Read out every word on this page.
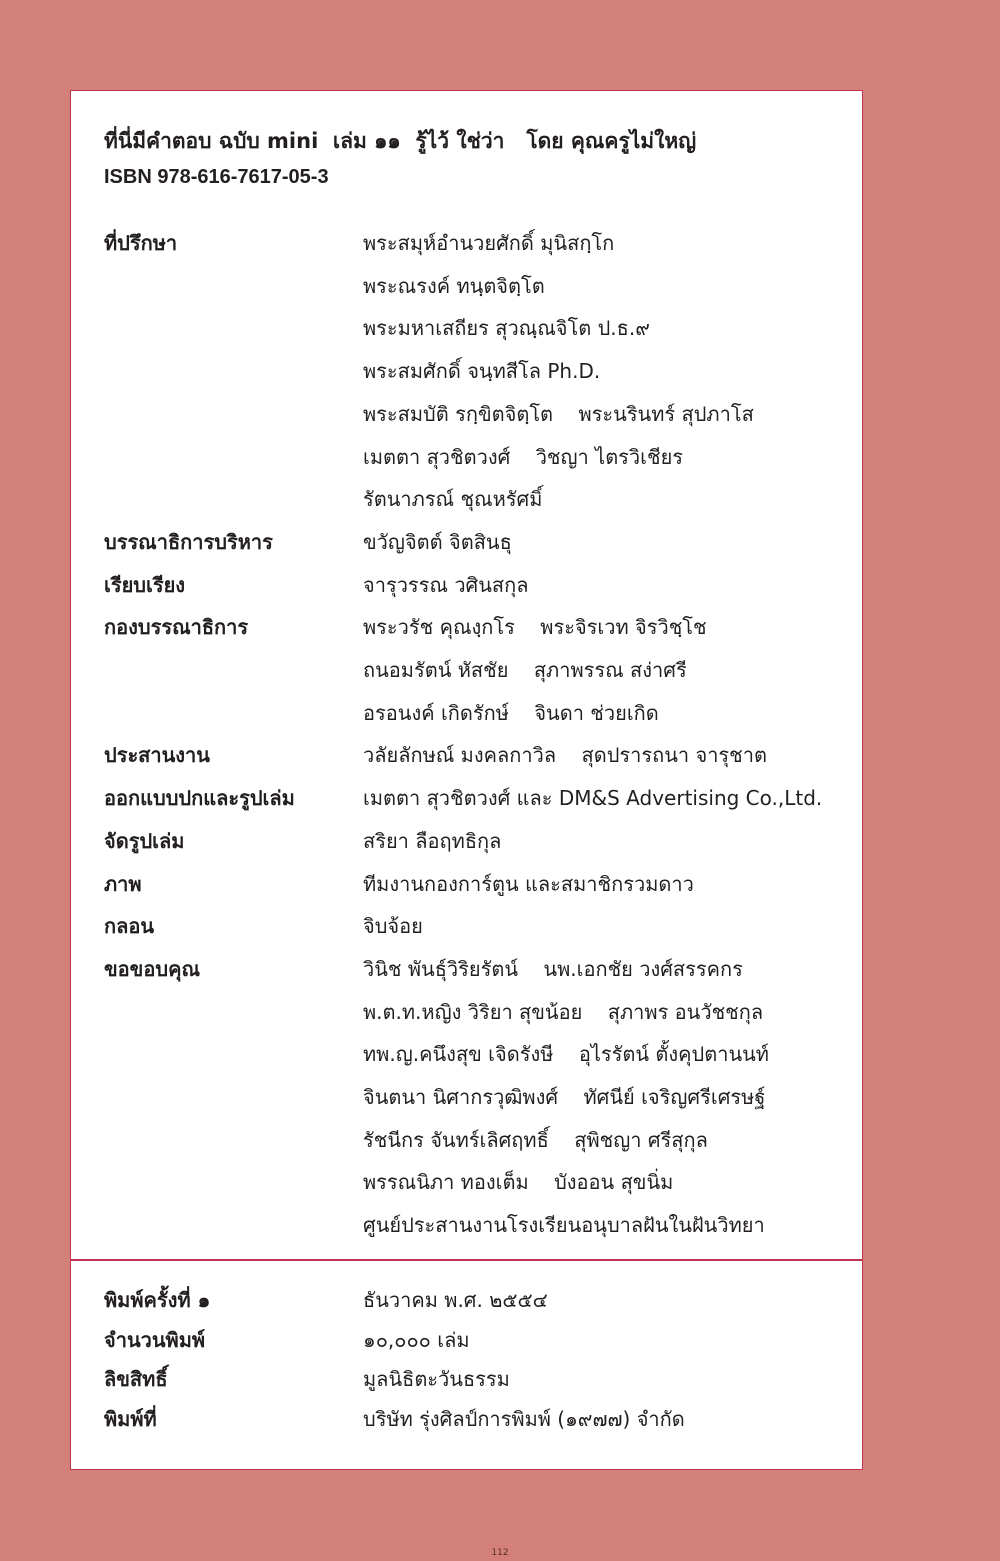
ที่นี่มีคำตอบ ฉบับ mini  เล่ม ๑๑  รู้ไว้ ใช่ว่า   โดย คุณครูไม่ใหญ่
ISBN 978-616-7617-05-3
ที่ปรึกษา	พระสมุห์อำนวยศักดิ์ มุนิสกฺโก
พระณรงค์ ทนฺตจิตฺโต
พระมหาเสถียร สุวณฺณจิโต ป.ธ.๙
พระสมศักดิ์ จนฺทสีโล Ph.D.
พระสมบัติ รกฺขิตจิตฺโต    พระนรินทร์ สุปภาโส
เมตตา สุวชิตวงศ์    วิชญา ไตรวิเชียร
รัตนาภรณ์ ชุณหรัศมิ์
บรรณาธิการบริหาร	ขวัญจิตต์ จิตสินธุ
เรียบเรียง	จารุวรรณ วศินสกุล
กองบรรณาธิการ	พระวรัช คุณงฺกโร    พระจิรเวท จิรวิชฺโช
ถนอมรัตน์ หัสชัย    สุภาพรรณ สง่าศรี
อรอนงค์ เกิดรักษ์    จินดา ช่วยเกิด
ประสานงาน	วลัยลักษณ์ มงคลกาวิล    สุดปรารถนา จารุชาต
ออกแบบปกและรูปเล่ม	เมตตา สุวชิตวงศ์ และ DM&S Advertising Co.,Ltd.
จัดรูปเล่ม	สริยา ลือฤทธิกุล
ภาพ	ทีมงานกองการ์ตูน และสมาชิกรวมดาว
กลอน	จิบจ้อย
ขอขอบคุณ	วินิช พันธุ์วิริยรัตน์    นพ.เอกชัย วงศ์สรรคกร
พ.ต.ท.หญิง วิริยา สุขน้อย    สุภาพร อนวัชชกุล
ทพ.ญ.คนึงสุข เจิดรังษี    อุไรรัตน์ ตั้งคุปตานนท์
จินตนา นิศากรวุฒิพงศ์    ทัศนีย์ เจริญศรีเศรษฐ์
รัชนีกร จันทร์เลิศฤทธิ์    สุพิชญา ศรีสุกุล
พรรณนิภา ทองเต็ม    บังออน สุขนิ่ม
ศูนย์ประสานงานโรงเรียนอนุบาลฝันในฝันวิทยา
พิมพ์ครั้งที่ ๑	ธันวาคม พ.ศ. ๒๕๕๔
จำนวนพิมพ์	๑๐,๐๐๐ เล่ม
ลิขสิทธิ์	มูลนิธิตะวันธรรม
พิมพ์ที่	บริษัท รุ่งศิลป์การพิมพ์ (๑๙๗๗) จำกัด
112
